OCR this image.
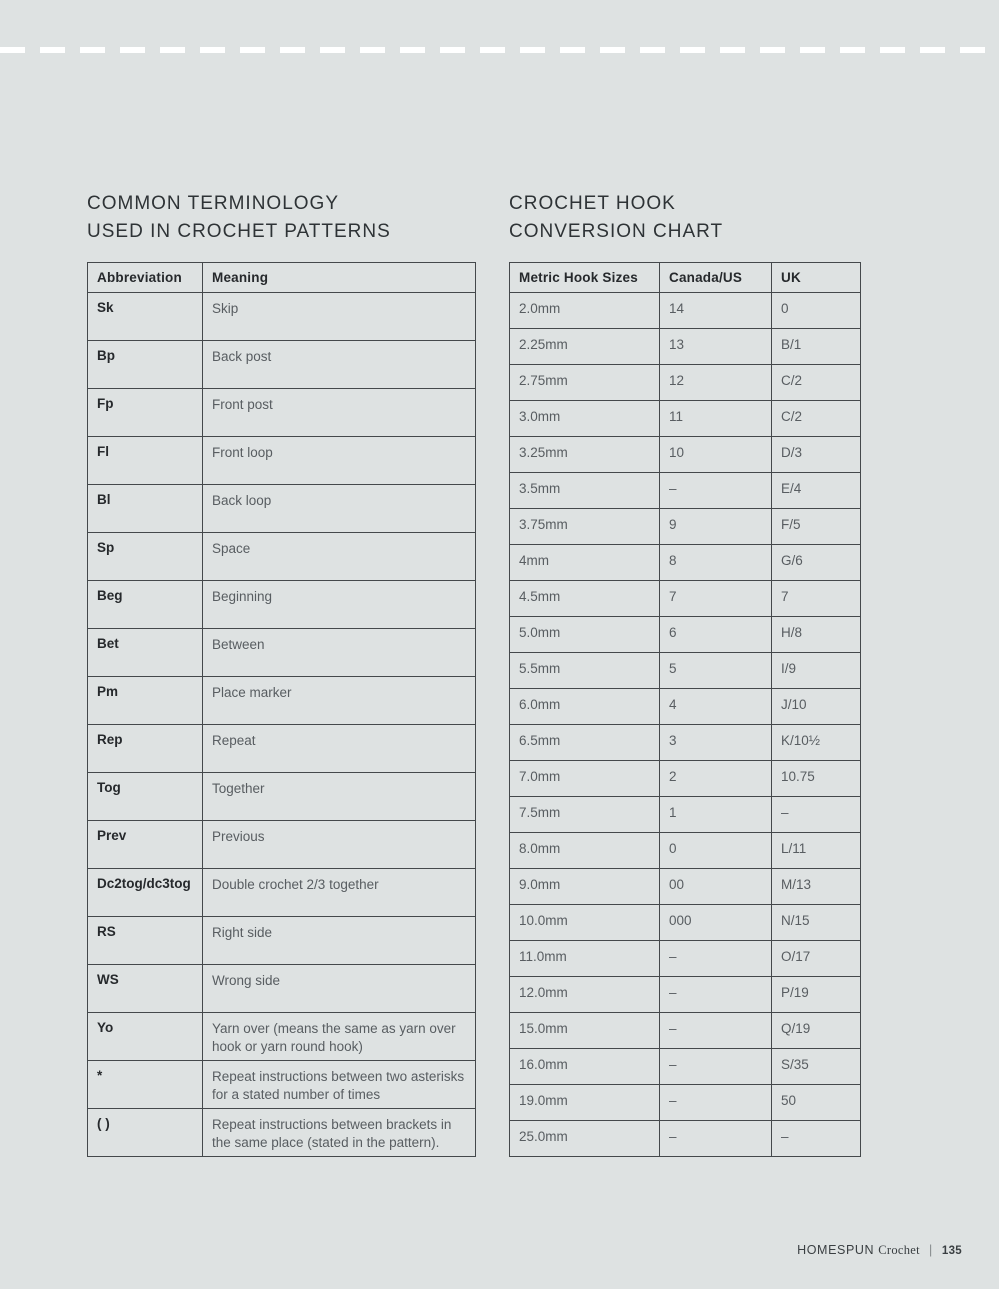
COMMON TERMINOLOGY
USED IN CROCHET PATTERNS
Abbreviation	Meaning
Sk	Skip
Bp	Back post
Fp	Front post
Fl	Front loop
Bl	Back loop
Sp	Space
Beg	Beginning
Bet	Between
Pm	Place marker
Rep	Repeat
Tog	Together
Prev	Previous
Dc2tog/dc3tog	Double crochet 2/3 together
RS	Right side
WS	Wrong side
Yo	Yarn over (means the same as yarn over hook or yarn round hook)
*	Repeat instructions between two asterisks for a stated number of times
( )	Repeat instructions between brackets in the same place (stated in the pattern).
CROCHET HOOK
CONVERSION CHART
Metric Hook Sizes	Canada/US	UK
2.0mm	14	0
2.25mm	13	B/1
2.75mm	12	C/2
3.0mm	11	C/2
3.25mm	10	D/3
3.5mm	–	E/4
3.75mm	9	F/5
4mm	8	G/6
4.5mm	7	7
5.0mm	6	H/8
5.5mm	5	I/9
6.0mm	4	J/10
6.5mm	3	K/10½
7.0mm	2	10.75
7.5mm	1	–
8.0mm	0	L/11
9.0mm	00	M/13
10.0mm	000	N/15
11.0mm	–	O/17
12.0mm	–	P/19
15.0mm	–	Q/19
16.0mm	–	S/35
19.0mm	–	50
25.0mm	–	–
HOMESPUN Crochet | 135
